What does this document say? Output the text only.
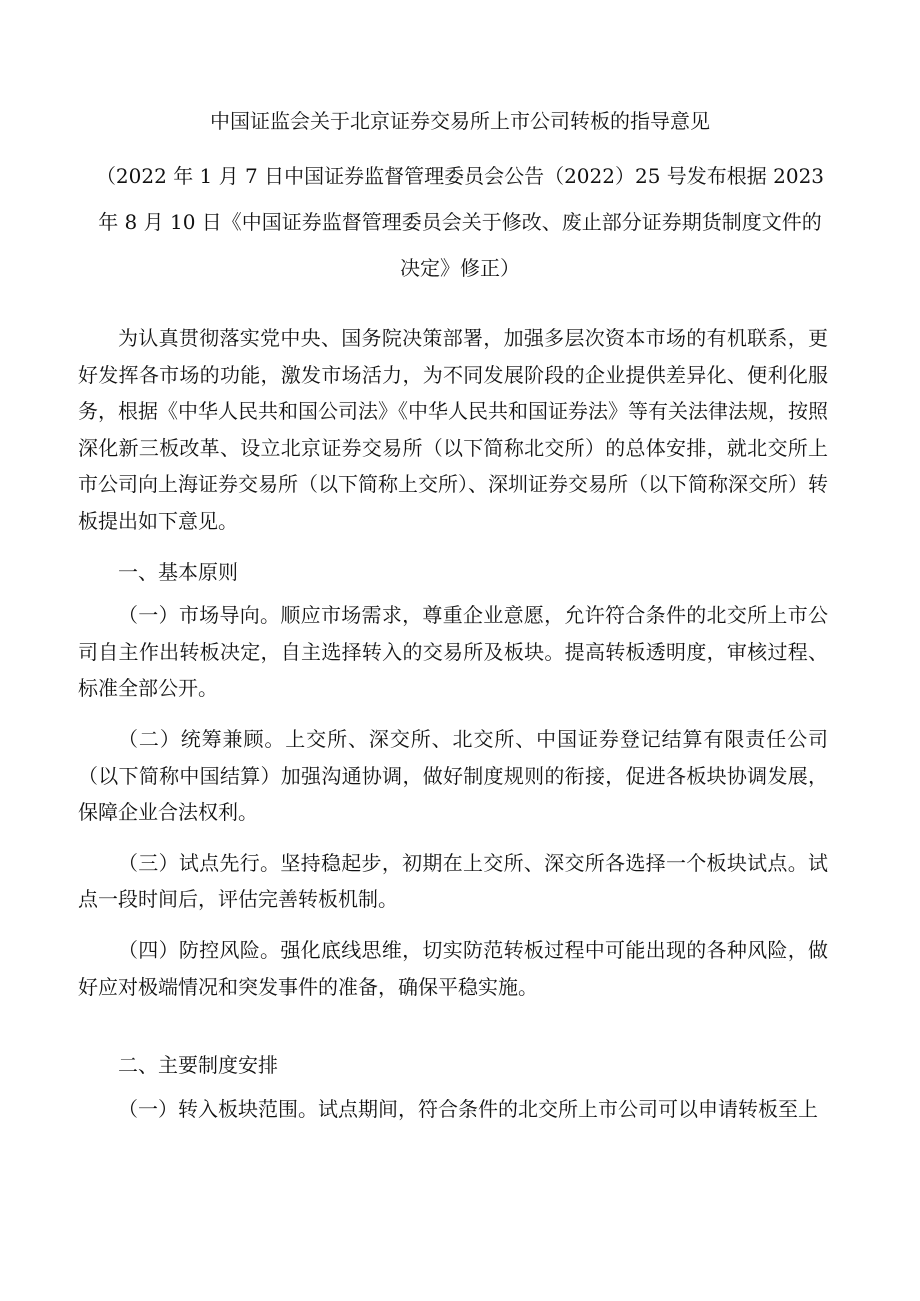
中国证监会关于北京证券交易所上市公司转板的指导意见

（2022 年 1 月 7 日中国证券监督管理委员会公告（2022）25 号发布根据 2023 年 8 月 10 日《中国证券监督管理委员会关于修改、废止部分证券期货制度文件的决定》修正）

为认真贯彻落实党中央、国务院决策部署，加强多层次资本市场的有机联系，更好发挥各市场的功能，激发市场活力，为不同发展阶段的企业提供差异化、便利化服务，根据《中华人民共和国公司法》《中华人民共和国证券法》等有关法律法规，按照深化新三板改革、设立北京证券交易所（以下简称北交所）的总体安排，就北交所上市公司向上海证券交易所（以下简称上交所）、深圳证券交易所（以下简称深交所）转板提出如下意见。

一、基本原则

（一）市场导向。顺应市场需求，尊重企业意愿，允许符合条件的北交所上市公司自主作出转板决定，自主选择转入的交易所及板块。提高转板透明度，审核过程、标准全部公开。

（二）统筹兼顾。上交所、深交所、北交所、中国证券登记结算有限责任公司（以下简称中国结算）加强沟通协调，做好制度规则的衔接，促进各板块协调发展，保障企业合法权利。

（三）试点先行。坚持稳起步，初期在上交所、深交所各选择一个板块试点。试点一段时间后，评估完善转板机制。

（四）防控风险。强化底线思维，切实防范转板过程中可能出现的各种风险，做好应对极端情况和突发事件的准备，确保平稳实施。

二、主要制度安排

（一）转入板块范围。试点期间，符合条件的北交所上市公司可以申请转板至上
